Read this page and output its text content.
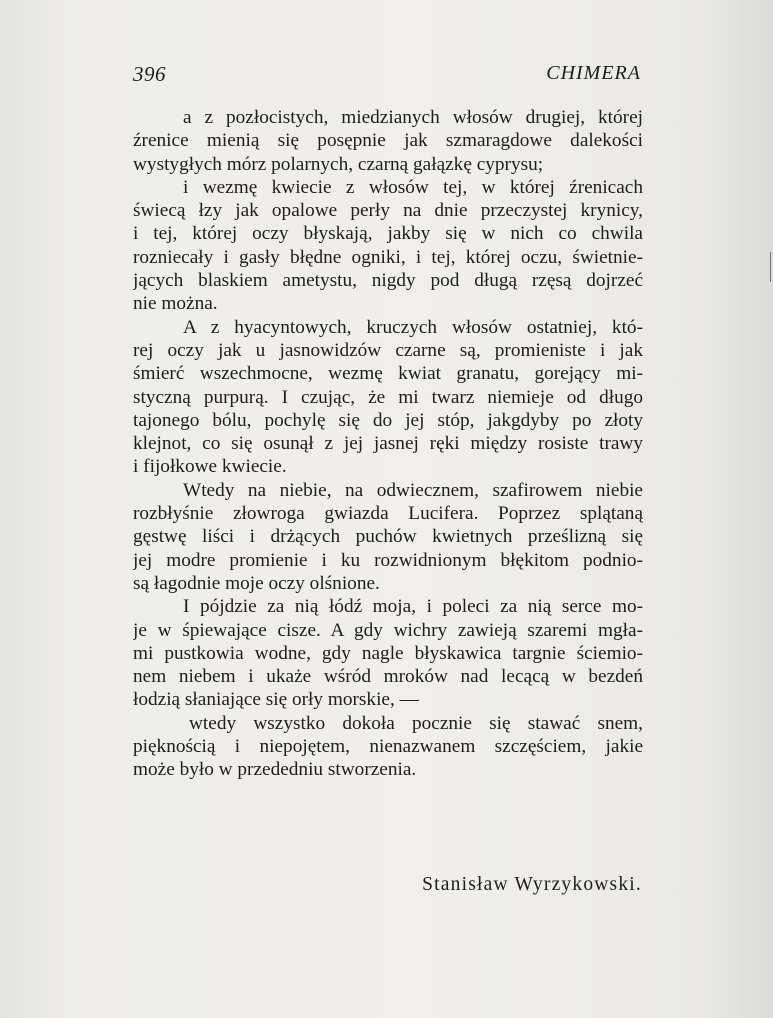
396	CHIMERA
a z pozłocistych, miedzianych włosów drugiej, której
źrenice mienią się posępnie jak szmaragdowe dalekości
wystygłych mórz polarnych, czarną gałązkę cyprysu;
i wezmę kwiecie z włosów tej, w której źrenicach
świecą łzy jak opalowe perły na dnie przeczystej krynicy,
i tej, której oczy błyskają, jakby się w nich co chwila
rozniecały i gasły błędne ogniki, i tej, której oczu, świetnie-
jących blaskiem ametystu, nigdy pod długą rzęsą dojrzeć
nie można.
A z hyacyntowych, kruczych włosów ostatniej, któ-
rej oczy jak u jasnowidzów czarne są, promieniste i jak
śmierć wszechmocne, wezmę kwiat granatu, gorejący mi-
styczną purpurą. I czując, że mi twarz niemieje od długo
tajonego bólu, pochylę się do jej stóp, jakgdyby po złoty
klejnot, co się osunął z jej jasnej ręki między rosiste trawy
i fijołkowe kwiecie.
Wtedy na niebie, na odwiecznem, szafirowem niebie
rozbłyśnie złowroga gwiazda Lucifera. Poprzez splątaną
gęstwę liści i drżących puchów kwietnych prześlizną się
jej modre promienie i ku rozwidnionym błękitom podnio-
są łagodnie moje oczy olśnione.
I pójdzie za nią łódź moja, i poleci za nią serce mo-
je w śpiewające cisze. A gdy wichry zawieją szaremi mgła-
mi pustkowia wodne, gdy nagle błyskawica targnie ściemio-
nem niebem i ukaże wśród mroków nad lecącą w bezdeń
łodzią słaniające się orły morskie, —
wtedy wszystko dokoła pocznie się stawać snem,
pięknością i niepojętem, nienazwanem szczęściem, jakie
może było w przededniu stworzenia.
Stanisław Wyrzykowski.
